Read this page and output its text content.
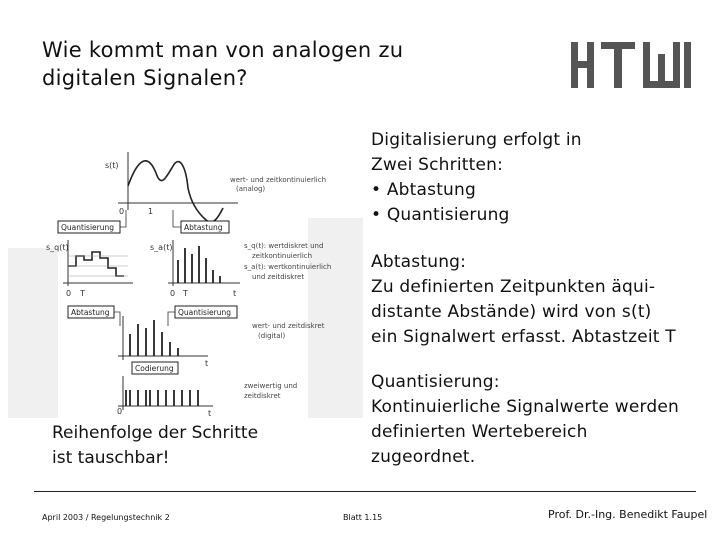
Wie kommt man von analogen zu
digitalen Signalen?
s(t)
0	1
wert- und zeitkontinuierlich
(analog)
Quantisierung	Abtastung
s_q(t)
0 T
s_a(t)
0 T	t
s_q(t): wertdiskret und
zeitkontinuierlich
s_a(t): wertkontinuierlich
und zeitdiskret
Abtastung	Quantisierung
t
wert- und zeitdiskret
(digital)
Codierung
0	t
zweiwertig und
zeitdiskret
Digitalisierung erfolgt in
Zwei Schritten:
• Abtastung
• Quantisierung
Abtastung:
Zu definierten Zeitpunkten äqui-
distante Abstände) wird von s(t)
ein Signalwert erfasst. Abtastzeit T
Quantisierung:
Kontinuierliche Signalwerte werden
definierten Wertebereich
zugeordnet.
Reihenfolge der Schritte
ist tauschbar!
April 2003 / Regelungstechnik 2	Blatt 1.15	Prof. Dr.-Ing. Benedikt Faupel
